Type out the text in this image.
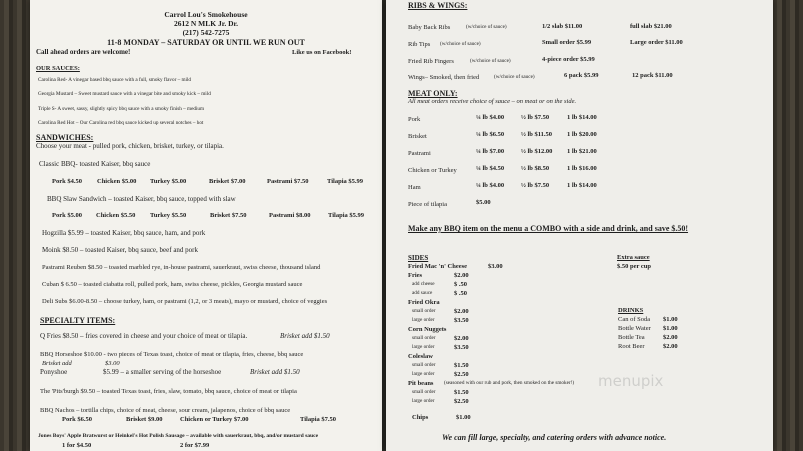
Carrol Lou's Smokehouse
2612 N MLK Jr. Dr.
(217) 542-7275
11-8 MONDAY – SATURDAY OR UNTIL WE RUN OUT
Call ahead orders are welcome!	Like us on Facebook!
OUR SAUCES:
Carolina Red- A vinegar based bbq sauce with a full, smoky flavor – mild
Georgia Mustard – Sweet mustard sauce with a vinegar bite and smoky kick – mild
Triple S- A sweet, sassy, slightly spicy bbq sauce with a smoky finish – medium
Carolina Red Hot – Our Carolina red bbq sauce kicked up several notches – hot
SANDWICHES:
Choose your meat - pulled pork, chicken, brisket, turkey, or tilapia.
Classic BBQ- toasted Kaiser, bbq sauce
Pork $4.50 Chicken $5.00 Turkey $5.00	Brisket $7.00	Pastrami $7.50	Tilapia $5.99
BBQ Slaw Sandwich – toasted Kaiser, bbq sauce, topped with slaw
Pork $5.00 Chicken $5.50 Turkey $5.50	Brisket $7.50	Pastrami $8.00	Tilapia $5.99
Hogzilla $5.99 – toasted Kaiser, bbq sauce, ham, and pork
Moink $8.50 – toasted Kaiser, bbq sauce, beef and pork
Pastrami Reuben $8.50 – toasted marbled rye, in-house pastrami, sauerkraut, swiss cheese, thousand island
Cuban $ 6.50 – toasted ciabatta roll, pulled pork, ham, swiss cheese, pickles, Georgia mustard sauce
Deli Subs $6.00-8.50 – choose turkey, ham, or pastrami (1,2, or 3 meats), mayo or mustard, choice of veggies
SPECIALTY ITEMS:
Q Fries $8.50 – fries covered in cheese and your choice of meat or tilapia.	Brisket add $1.50
BBQ Horseshoe $10.00 - two pieces of Texas toast, choice of meat or tilapia, fries, cheese, bbq sauce
Brisket add	$3.00
Ponyshoe	$5.99 – a smaller serving of the horseshoe	Brisket add $1.50
The 'Pits'burgh $9.50 – toasted Texas toast, fries, slaw, tomato, bbq sauce, choice of meat or tilapia
BBQ Nachos – tortilla chips, choice of meat, cheese, sour cream, jalapenos, choice of bbq sauce
Pork $6.50	Brisket $9.00	Chicken or Turkey $7.00	Tilapia $7.50
Jones Boys' Apple Bratwurst or Heinkel's Hot Polish Sausage – available with sauerkraut, bbq, and/or mustard sauce
1 for $4.50	2 for $7.99
RIBS & WINGS:
Baby Back Ribs	(w/choice of sauce)	1/2 slab $11.00	full slab $21.00
Rib Tips (w/choice of sauce)	Small order $5.99	Large order $11.00
Fried Rib Fingers	(w/choice of sauce)	4-piece order $5.99
Wings– Smoked, then fried	(w/choice of sauce)	6 pack $5.99	12 pack $11.00
MEAT ONLY:
All meat orders receive choice of sauce – on meat or on the side.
Pork	¼ lb $4.00	½ lb $7.50	1 lb $14.00
Brisket	¼ lb $6.50	½ lb $11.50 1 lb $20.00
Pastrami	¼ lb $7.00	½ lb $12.00 1 lb $21.00
Chicken or Turkey	¼ lb $4.50	½ lb $8.50	1 lb $16.00
Ham	¼ lb $4.00	½ lb $7.50	1 lb $14.00
Piece of tilapia	$5.00
Make any BBQ item on the menu a COMBO with a side and drink, and save $.50!
SIDES
Fried Mac 'n' Cheese	$3.00
Fries	$2.00
add cheese	$ .50
add sauce	$ .50
Fried Okra
small order	$2.00
large order	$3.50
Corn Nuggets
small order	$2.00
large order	$3.50
Coleslaw
small order	$1.50
large order	$2.50
Pit beans (seasoned with our rub and pork, then smoked on the smoker!)
small order	$1.50
large order	$2.50
Chips	$1.00
Extra sauce
$.50 per cup
DRINKS
Can of Soda $1.00
Bottle Water $1.00
Bottle Tea	$2.00
Root Beer	$2.00
menupix
We can fill large, specialty, and catering orders with advance notice.
